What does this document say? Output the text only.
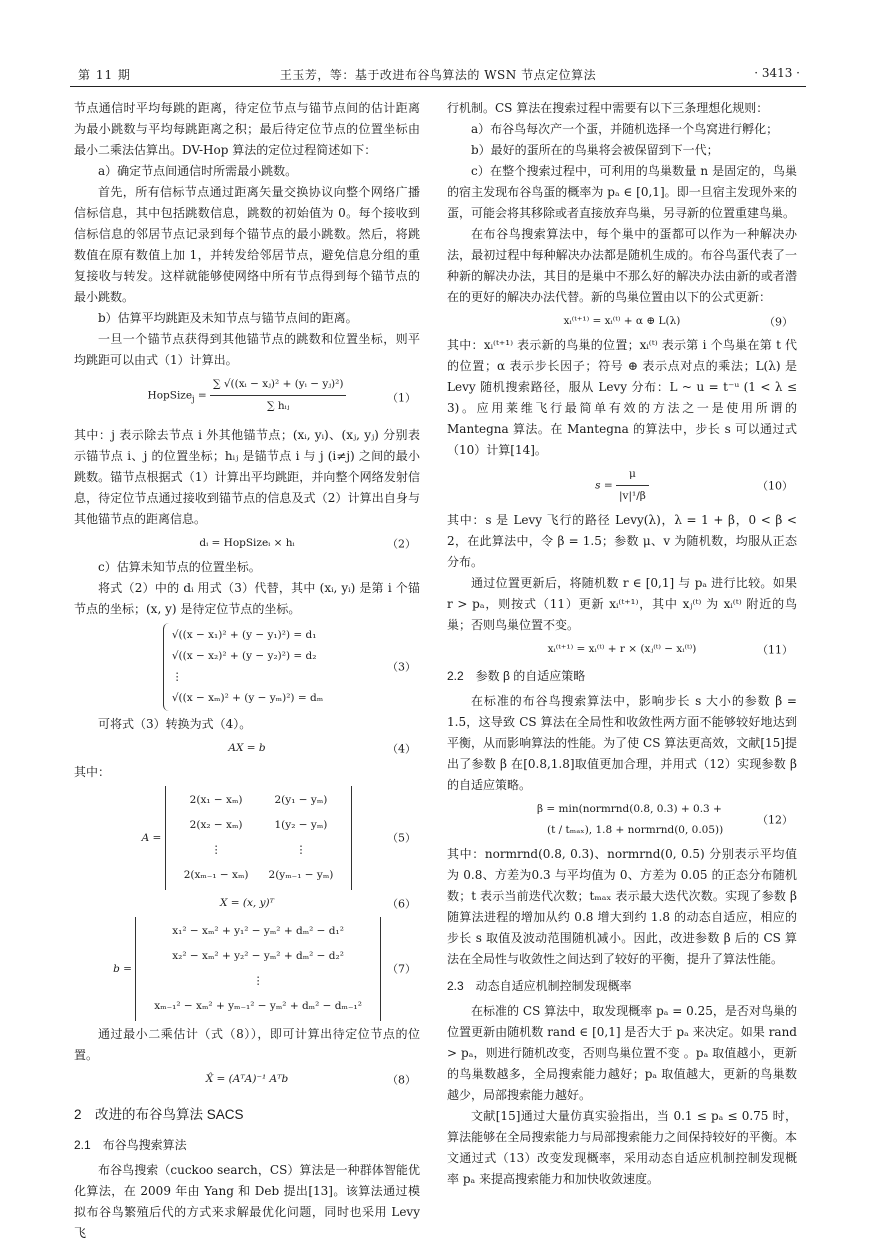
第 11 期	王玉芳，等：基于改进布谷鸟算法的 WSN 节点定位算法	· 3413 ·

节点通信时平均每跳的距离，待定位节点与锚节点间的估计距离为最小跳数与平均每跳距离之积；最后待定位节点的位置坐标由最小二乘法估算出。DV-Hop 算法的定位过程简述如下：

a）确定节点间通信时所需最小跳数。

首先，所有信标节点通过距离矢量交换协议向整个网络广播信标信息，其中包括跳数信息，跳数的初始值为 0。每个接收到信标信息的邻居节点记录到每个锚节点的最小跳数。然后，将跳数值在原有数值上加 1，并转发给邻居节点，避免信息分组的重复接收与转发。这样就能够使网络中所有节点得到每个锚节点的最小跳数。

b）估算平均跳距及未知节点与锚节点间的距离。

一旦一个锚节点获得到其他锚节点的跳数和位置坐标，则平均跳距可以由式（1）计算出。

HopSize$_j$ = $\frac{\text{∑ √((xᵢ − xⱼ)² + (yᵢ − yⱼ)²)}}{\text{∑ hᵢⱼ}}$	（1）

其中：j 表示除去节点 i 外其他锚节点；(xᵢ, yᵢ)、(xⱼ, yⱼ) 分别表示锚节点 i、j 的位置坐标；hᵢⱼ 是锚节点 i 与 j (i≠j) 之间的最小跳数。锚节点根据式（1）计算出平均跳距，并向整个网络发射信息，待定位节点通过接收到锚节点的信息及式（2）计算出自身与其他锚节点的距离信息。

dᵢ = HopSizeᵢ × hᵢ	（2）

c）估算未知节点的位置坐标。

将式（2）中的 dᵢ 用式（3）代替，其中 (xᵢ, yᵢ) 是第 i 个锚节点的坐标；(x, y) 是待定位节点的坐标。

√((x − x₁)² + (y − y₁)²) = d₁
√((x − x₂)² + (y − y₂)²) = d₂
⋮
√((x − xₘ)² + (y − yₘ)²) = dₘ
（3）

可将式（3）转换为式（4）。

AX = b	（4）

其中：

A = 2(x₁ − xₘ)	2(y₁ − yₘ)
2(x₂ − xₘ)	1(y₂ − yₘ)
⋮	⋮
2(xₘ₋₁ − xₘ)	2(yₘ₋₁ − yₘ)
（5）
X = (x, y)ᵀ	（6）
b = x₁² − xₘ² + y₁² − yₘ² + dₘ² − d₁²
x₂² − xₘ² + y₂² − yₘ² + dₘ² − d₂²
⋮
xₘ₋₁² − xₘ² + yₘ₋₁² − yₘ² + dₘ² − dₘ₋₁²
（7）

通过最小二乘估计（式（8）），即可计算出待定位节点的位置。

X̂ = (AᵀA)⁻¹ Aᵀb	（8）
2　改进的布谷鸟算法 SACS
2.1　布谷鸟搜索算法

布谷鸟搜索（cuckoo search，CS）算法是一种群体智能优化算法，在 2009 年由 Yang 和 Deb 提出[13]。该算法通过模拟布谷鸟繁殖后代的方式来求解最优化问题，同时也采用 Levy 飞

行机制。CS 算法在搜索过程中需要有以下三条理想化规则：

a）布谷鸟每次产一个蛋，并随机选择一个鸟窝进行孵化；

b）最好的蛋所在的鸟巢将会被保留到下一代；

c）在整个搜索过程中，可利用的鸟巢数量 n 是固定的，鸟巢的宿主发现布谷鸟蛋的概率为 pₐ ∈ [0,1]。即一旦宿主发现外来的蛋，可能会将其移除或者直接放弃鸟巢，另寻新的位置重建鸟巢。

在布谷鸟搜索算法中，每个巢中的蛋都可以作为一种解决办法，最初过程中每种解决办法都是随机生成的。布谷鸟蛋代表了一种新的解决办法，其目的是巢中不那么好的解决办法由新的或者潜在的更好的解决办法代替。新的鸟巢位置由以下的公式更新：

xᵢ⁽ᵗ⁺¹⁾ = xᵢ⁽ᵗ⁾ + α ⊕ L(λ)	（9）

其中：xᵢ⁽ᵗ⁺¹⁾ 表示新的鸟巢的位置；xᵢ⁽ᵗ⁾ 表示第 i 个鸟巢在第 t 代的位置；α 表示步长因子；符号 ⊕ 表示点对点的乘法；L(λ) 是 Levy 随机搜索路径，服从 Levy 分布：L ~ u = t⁻ᵘ (1 < λ ≤ 3)。应用莱维飞行最简单有效的方法之一是使用所谓的 Mantegna 算法。在 Mantegna 的算法中，步长 s 可以通过式（10）计算[14]。

$s = \frac{\mu}{\text{|v|¹/β}}$	（10）

其中：s 是 Levy 飞行的路径 Levy(λ)，λ = 1 + β，0 < β < 2，在此算法中，令 β = 1.5；参数 μ、v 为随机数，均服从正态分布。

通过位置更新后，将随机数 r ∈ [0,1] 与 pₐ 进行比较。如果 r > pₐ，则按式（11）更新 xᵢ⁽ᵗ⁺¹⁾，其中 xⱼ⁽ᵗ⁾ 为 xᵢ⁽ᵗ⁾ 附近的鸟巢；否则鸟巢位置不变。

xᵢ⁽ᵗ⁺¹⁾ = xᵢ⁽ᵗ⁾ + r × (xⱼ⁽ᵗ⁾ − xᵢ⁽ᵗ⁾)	（11）
2.2　参数 β 的自适应策略

在标准的布谷鸟搜索算法中，影响步长 s 大小的参数 β = 1.5，这导致 CS 算法在全局性和收敛性两方面不能够较好地达到平衡，从而影响算法的性能。为了使 CS 算法更高效，文献[15]提出了参数 β 在[0.8,1.8]取值更加合理，并用式（12）实现参数 β 的自适应策略。

β = min(normrnd(0.8, 0.3) + 0.3 +
(t / tₘₐₓ), 1.8 + normrnd(0, 0.05))
（12）

其中：normrnd(0.8, 0.3)、normrnd(0, 0.5) 分别表示平均值为 0.8、方差为0.3 与平均值为 0、方差为 0.05 的正态分布随机数；t 表示当前迭代次数；tₘₐₓ 表示最大迭代次数。实现了参数 β 随算法进程的增加从约 0.8 增大到约 1.8 的动态自适应，相应的步长 s 取值及波动范围随机减小。因此，改进参数 β 后的 CS 算法在全局性与收敛性之间达到了较好的平衡，提升了算法性能。

2.3　动态自适应机制控制发现概率

在标准的 CS 算法中，取发现概率 pₐ = 0.25，是否对鸟巢的位置更新由随机数 rand ∈ [0,1] 是否大于 pₐ 来决定。如果 rand > pₐ，则进行随机改变，否则鸟巢位置不变 。pₐ 取值越小，更新的鸟巢数越多，全局搜索能力越好；pₐ 取值越大，更新的鸟巢数越少，局部搜索能力越好。

文献[15]通过大量仿真实验指出，当 0.1 ≤ pₐ ≤ 0.75 时，算法能够在全局搜索能力与局部搜索能力之间保持较好的平衡。本文通过式（13）改变发现概率，采用动态自适应机制控制发现概率 pₐ 来提高搜索能力和加快收敛速度。
